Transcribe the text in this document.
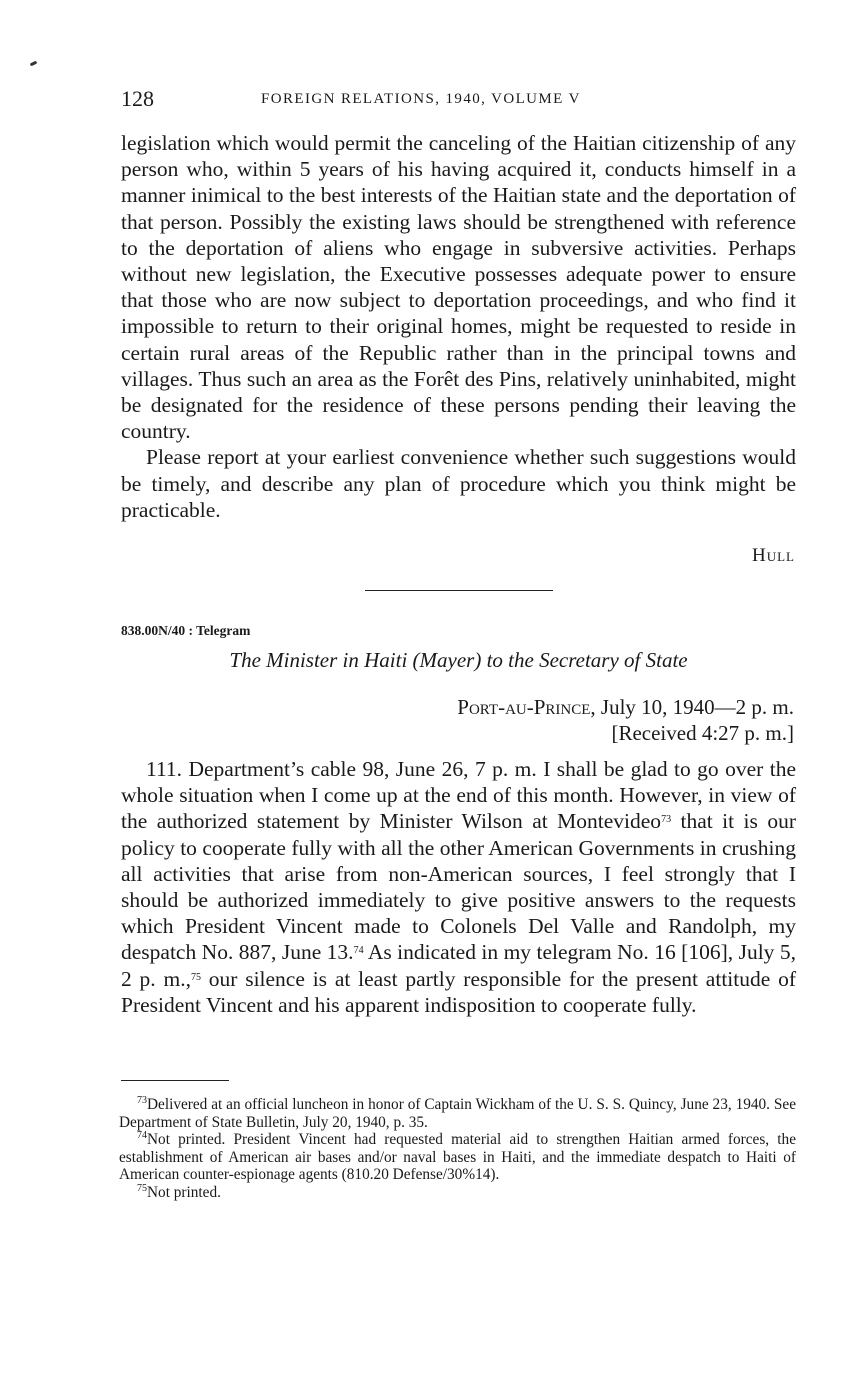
128	FOREIGN RELATIONS, 1940, VOLUME V

legislation which would permit the canceling of the Haitian citizenship of any person who, within 5 years of his having acquired it, conducts himself in a manner inimical to the best interests of the Haitian state and the deportation of that person. Possibly the existing laws should be strengthened with reference to the deportation of aliens who engage in subversive activities. Perhaps without new legislation, the Executive possesses adequate power to ensure that those who are now subject to deportation proceedings, and who find it impossible to return to their original homes, might be requested to reside in certain rural areas of the Republic rather than in the principal towns and villages. Thus such an area as the Forêt des Pins, relatively uninhabited, might be designated for the residence of these persons pending their leaving the country.

Please report at your earliest convenience whether such suggestions would be timely, and describe any plan of procedure which you think might be practicable.

Hull
838.00N/40 : Telegram
The Minister in Haiti (Mayer) to the Secretary of State
Port-au-Prince, July 10, 1940—2 p. m.
[Received 4:27 p. m.]

111. Department’s cable 98, June 26, 7 p. m. I shall be glad to go over the whole situation when I come up at the end of this month. However, in view of the authorized statement by Minister Wilson at Montevideo$^{73}$ that it is our policy to cooperate fully with all the other American Governments in crushing all activities that arise from non-American sources, I feel strongly that I should be authorized immediately to give positive answers to the requests which President Vincent made to Colonels Del Valle and Randolph, my despatch No. 887, June 13.74 As indicated in my telegram No. 16 [106], July 5, 2 p. m.,$^{75}$ our silence is at least partly responsible for the present attitude of President Vincent and his apparent indisposition to cooperate fully.

$^{73}$Delivered at an official luncheon in honor of Captain Wickham of the U. S. S. Quincy, June 23, 1940. See Department of State Bulletin, July 20, 1940, p. 35.

$^{74}$Not printed. President Vincent had requested material aid to strengthen Haitian armed forces, the establishment of American air bases and/or naval bases in Haiti, and the immediate despatch to Haiti of American counter-espionage agents (810.20 Defense/30%14).

$^{75}$Not printed.
